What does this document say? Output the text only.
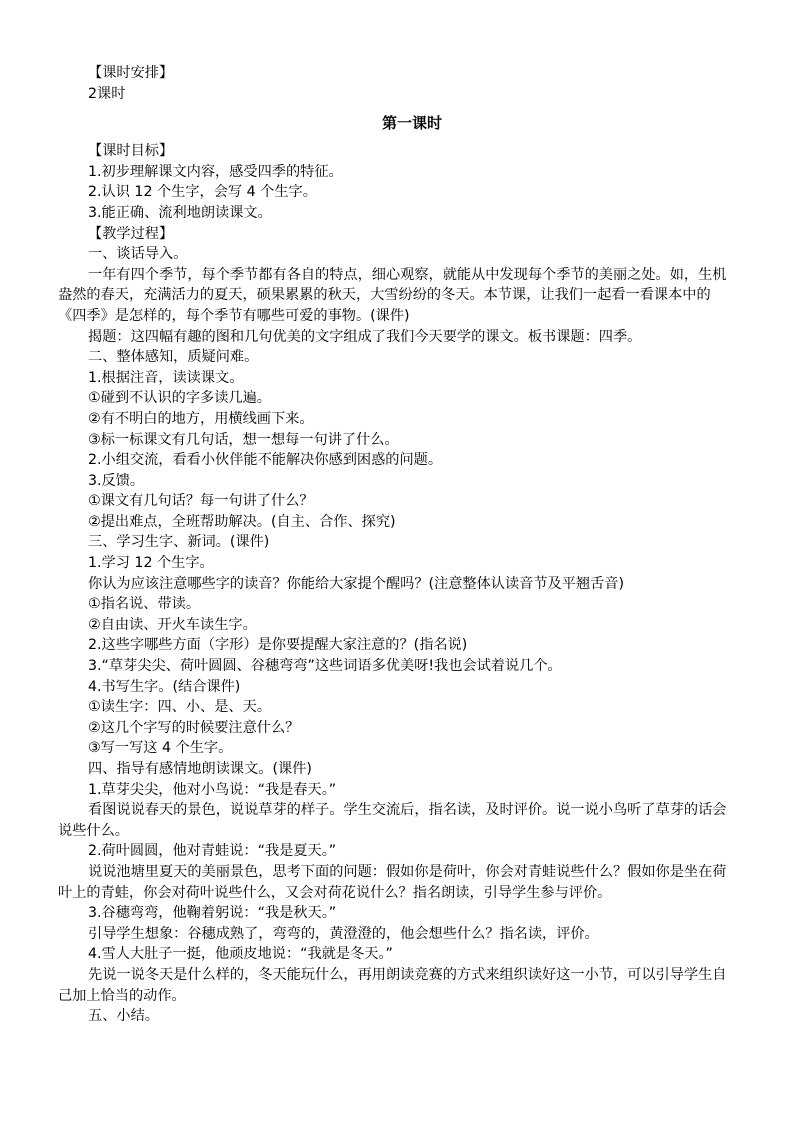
【课时安排】

2课时

第一课时

【课时目标】

1.初步理解课文内容，感受四季的特征。

2.认识 12 个生字，会写 4 个生字。

3.能正确、流利地朗读课文。

【教学过程】

一、谈话导入。

一年有四个季节，每个季节都有各自的特点，细心观察，就能从中发现每个季节的美丽之处。如，生机盎然的春天，充满活力的夏天，硕果累累的秋天，大雪纷纷的冬天。本节课，让我们一起看一看课本中的《四季》是怎样的，每个季节有哪些可爱的事物。(课件)

揭题：这四幅有趣的图和几句优美的文字组成了我们今天要学的课文。板书课题：四季。

二、整体感知，质疑问难。

1.根据注音，读读课文。

①碰到不认识的字多读几遍。

②有不明白的地方，用横线画下来。

③标一标课文有几句话，想一想每一句讲了什么。

2.小组交流，看看小伙伴能不能解决你感到困惑的问题。

3.反馈。

①课文有几句话？每一句讲了什么？

②提出难点，全班帮助解决。(自主、合作、探究)

三、学习生字、新词。(课件)

1.学习 12 个生字。

你认为应该注意哪些字的读音？你能给大家提个醒吗？(注意整体认读音节及平翘舌音)

①指名说、带读。

②自由读、开火车读生字。

2.这些字哪些方面（字形）是你要提醒大家注意的？(指名说)

3.“草芽尖尖、荷叶圆圆、谷穗弯弯”这些词语多优美呀!我也会试着说几个。

4.书写生字。(结合课件)

①读生字：四、小、是、天。

②这几个字写的时候要注意什么？

③写一写这 4 个生字。

四、指导有感情地朗读课文。(课件)

1.草芽尖尖，他对小鸟说：“我是春天。”

看图说说春天的景色，说说草芽的样子。学生交流后，指名读，及时评价。说一说小鸟听了草芽的话会说些什么。

2.荷叶圆圆，他对青蛙说：“我是夏天。”

说说池塘里夏天的美丽景色，思考下面的问题：假如你是荷叶，你会对青蛙说些什么？假如你是坐在荷叶上的青蛙，你会对荷叶说些什么，又会对荷花说什么？指名朗读，引导学生参与评价。

3.谷穗弯弯，他鞠着躬说：“我是秋天。”

引导学生想象：谷穗成熟了，弯弯的，黄澄澄的，他会想些什么？指名读，评价。

4.雪人大肚子一挺，他顽皮地说：“我就是冬天。”

先说一说冬天是什么样的，冬天能玩什么，再用朗读竞赛的方式来组织读好这一小节，可以引导学生自己加上恰当的动作。

五、小结。
